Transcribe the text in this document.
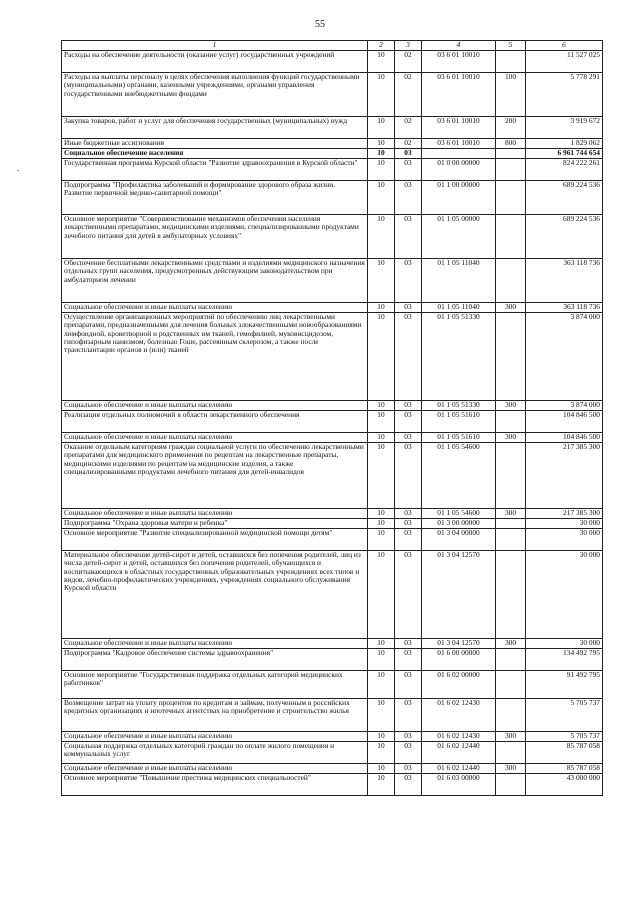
55
.
1	2	3	4	5	6
Расходы на обеспечение деятельности (оказание услуг) государственных учреждений	10	02	03 6 01 10010		11 527 025
Расходы на выплаты персоналу в целях обеспечения выполнения функций государственными (муниципальными) органами, казенными учреждениями, органами управления государственными внебюджетными фондами	10	02	03 6 01 10010	100	5 778 291
Закупка товаров, работ и услуг для обеспечения государственных (муниципальных) нужд	10	02	03 6 01 10010	200	3 919 672
Иные бюджетные ассигнования	10	02	03 6 01 10010	800	1 829 062
Социальное обеспечение населения	10	03			6 961 744 654
Государственная программа Курской области "Развитие здравоохранения в Курской области"	10	03	01 0 00 00000		824 222 261
Подпрограмма "Профилактика заболеваний и формирование здорового образа жизни. Развитие первичной медико-санитарной помощи"	10	03	01 1 00 00000		689 224 536
Основное мероприятие "Совершенствование механизмов обеспечения населения лекарственными препаратами, медицинскими изделиями, специализированными продуктами лечебного питания для детей в амбулаторных условиях"	10	03	01 1 05 00000		689 224 536
Обеспечение бесплатными лекарственными средствами и изделиями медицинского назначения отдельных групп населения, предусмотренных действующим законодательством при амбулаторном лечении	10	03	01 1 05 11040		363 118 736
Социальное обеспечение и иные выплаты населению	10	03	01 1 05 11040	300	363 118 736
Осуществление организационных мероприятий по обеспечению лиц лекарственными препаратами, предназначенными для лечения больных злокачественными новообразованиями лимфоидной, кроветворной и родственных им тканей, гемофилией, муковисцидозом, гипофизарным нанизмом, болезнью Гоше, рассеянным склерозом, а также после трансплантации органов и (или) тканей	10	03	01 1 05 51330		3 874 000
Социальное обеспечение и иные выплаты населению	10	03	01 1 05 51330	300	3 874 000
Реализация отдельных полномочий в области лекарственного обеспечения	10	03	01 1 05 51610		104 846 500
Социальное обеспечение и иные выплаты населению	10	03	01 1 05 51610	300	104 846 500
Оказание отдельным категориям граждан социальной услуги по обеспечению лекарственными препаратами для медицинского применения по рецептам на лекарственные препараты, медицинскими изделиями по рецептам на медицинские изделия, а также специализированными продуктами лечебного питания для детей-инвалидов	10	03	01 1 05 54600		217 385 300
Социальное обеспечение и иные выплаты населению	10	03	01 1 05 54600	300	217 385 300
Подпрограмма "Охрана здоровья матери и ребенка"	10	03	01 3 00 00000		30 000
Основное мероприятие "Развитие специализированной медицинской помощи детям"	10	03	01 3 04 00000		30 000
Материальное обеспечение детей-сирот и детей, оставшихся без попечения родителей, лиц из числа детей-сирот и детей, оставшихся без попечения родителей, обучающихся и воспитывающихся в областных государственных образовательных учреждениях всех типов и видов, лечебно-профилактических учреждениях, учреждениях социального обслуживания Курской области	10	03	01 3 04 12570		30 000
Социальное обеспечение и иные выплаты населению	10	03	01 3 04 12570	300	30 000
Подпрограмма "Кадровое обеспечение системы здравоохранения"	10	03	01 6 00 00000		134 492 795
Основное мероприятие "Государственная поддержка отдельных категорий медицинских работников"	10	03	01 6 02 00000		91 492 795
Возмещение затрат на уплату процентов по кредитам и займам, полученным в российских кредитных организациях и ипотечных агентствах на приобретение и строительство жилья	10	03	01 6 02 12430		5 705 737
Социальное обеспечение и иные выплаты населению	10	03	01 6 02 12430	300	5 705 737
Социальная поддержка отдельных категорий граждан по оплате жилого помещения и коммунальных услуг	10	03	01 6 02 12440		85 787 058
Социальное обеспечение и иные выплаты населению	10	03	01 6 02 12440	300	85 787 058
Основное мероприятие "Повышение престижа медицинских специальностей"	10	03	01 6 03 00000		43 000 000
